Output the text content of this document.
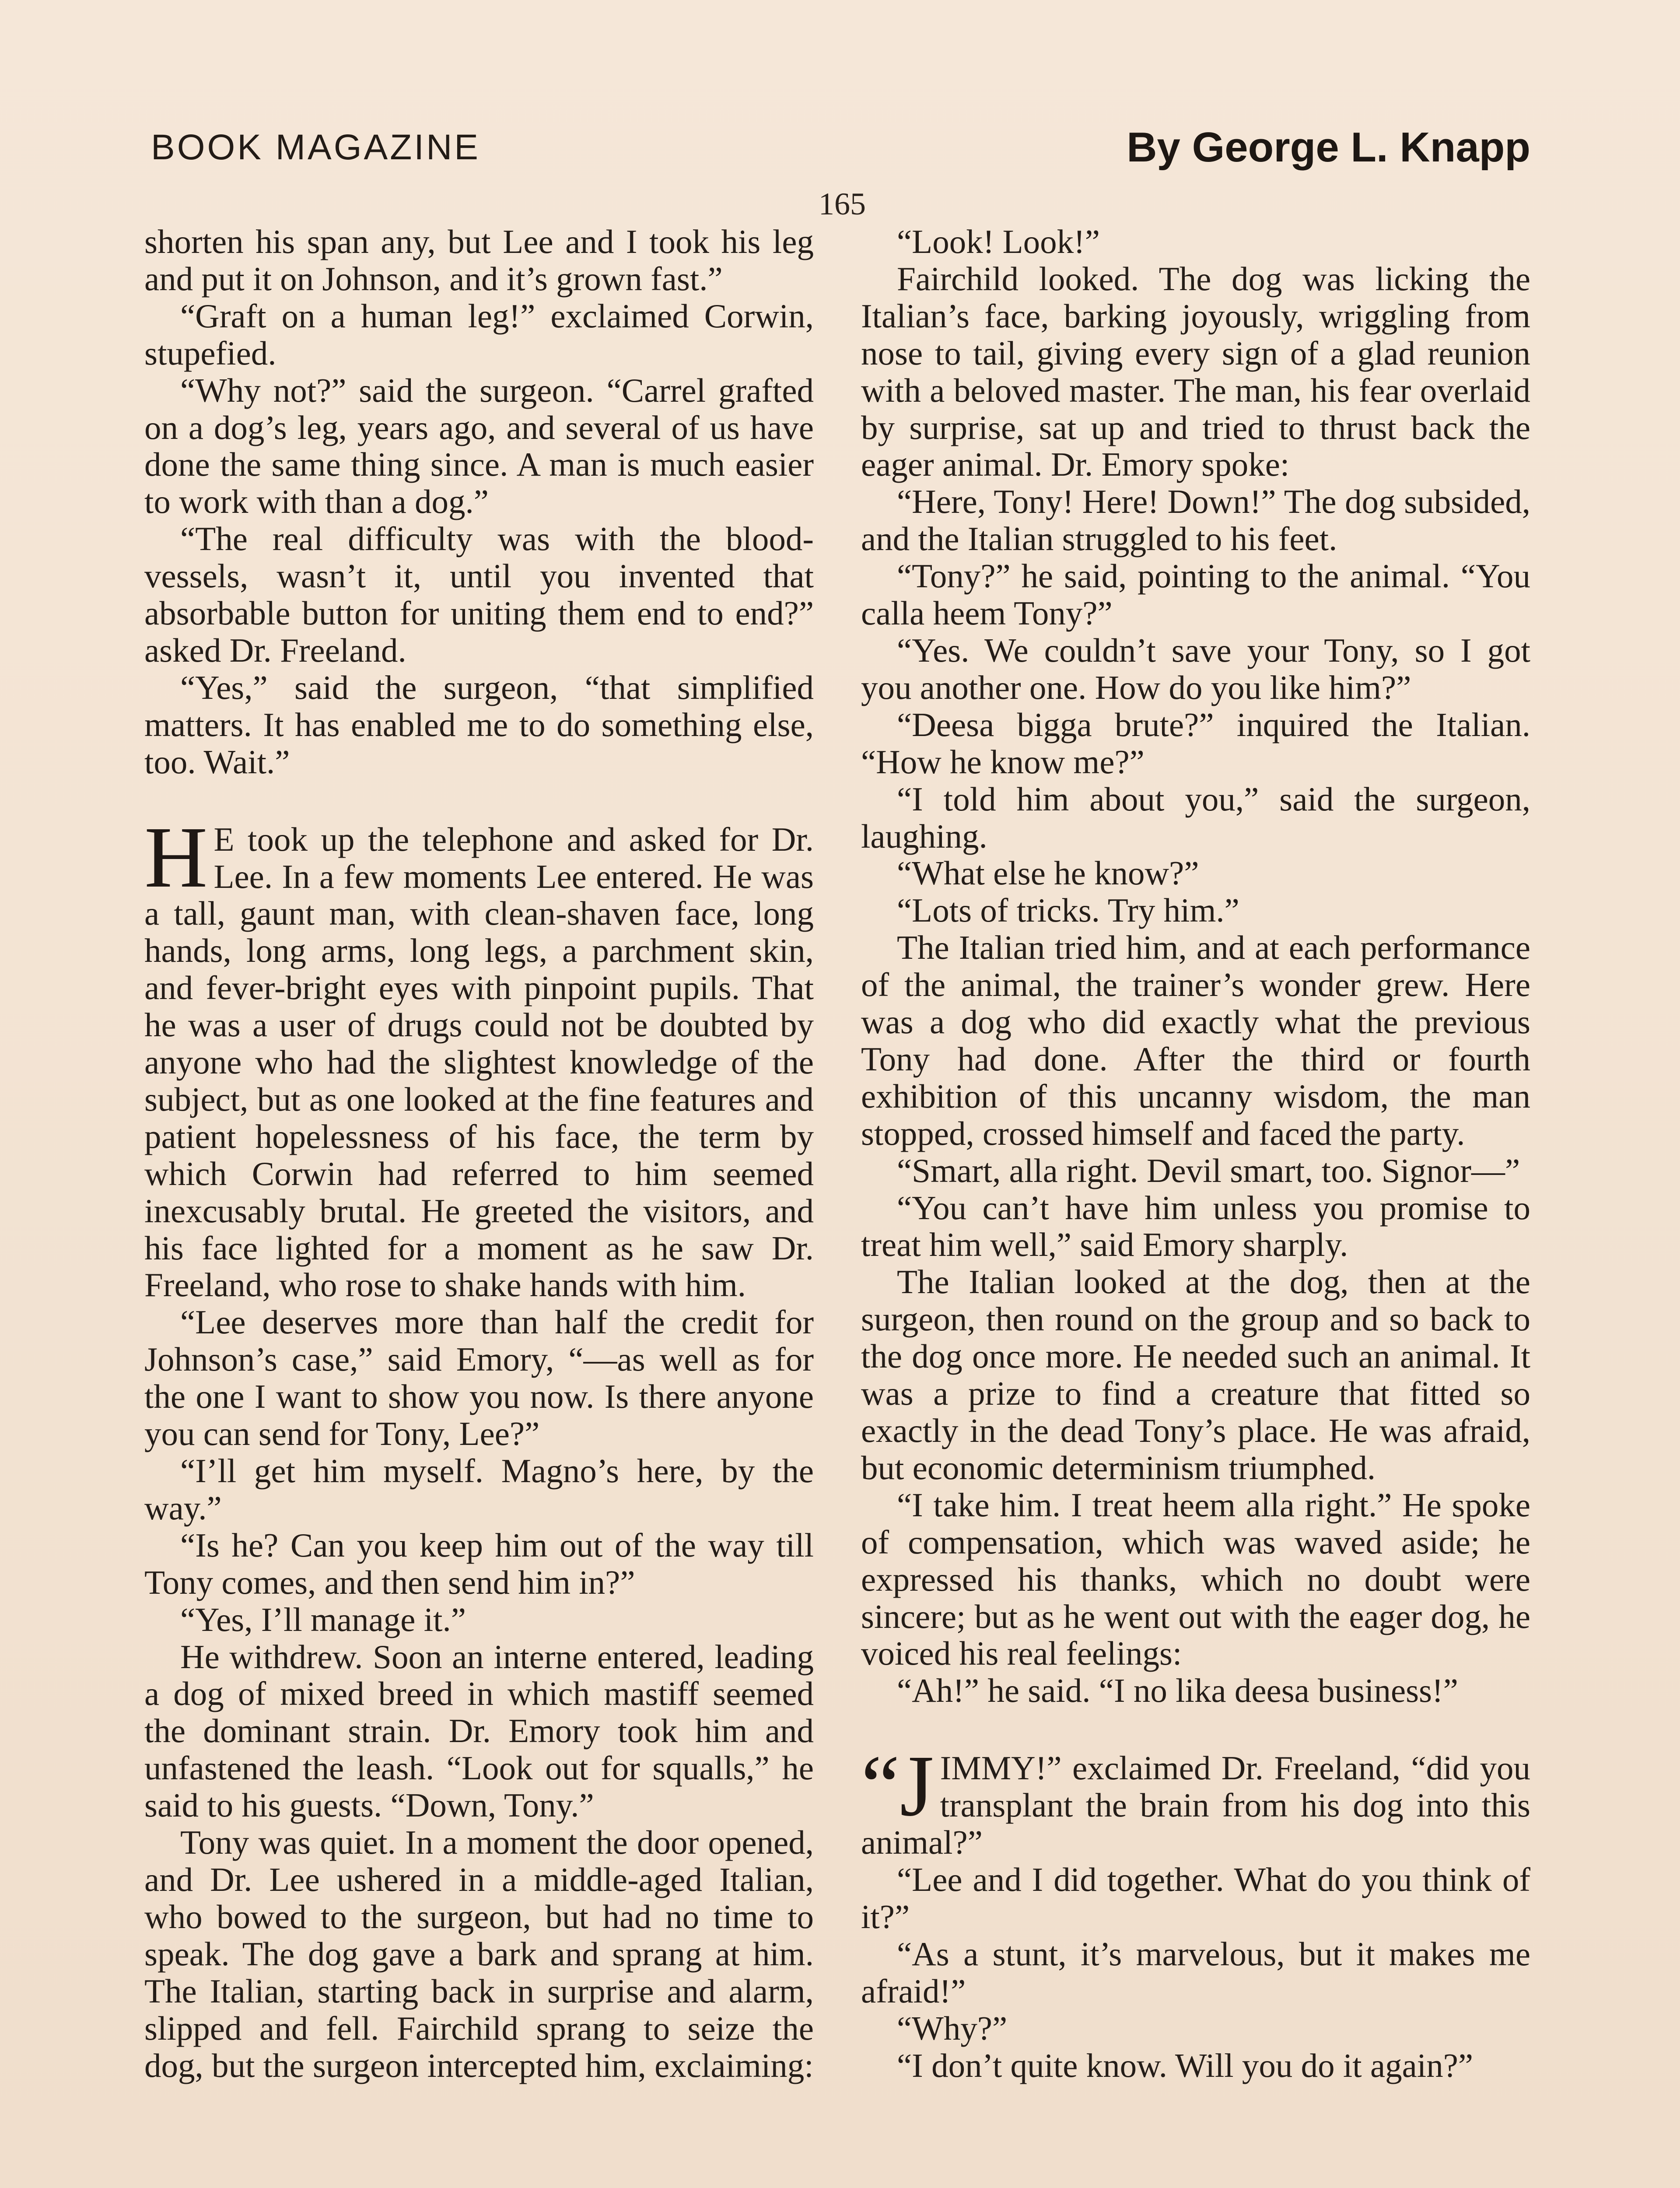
BOOK MAGAZINE	By George L. Knapp
165

shorten his span any, but Lee and I took his leg and put it on Johnson, and it’s grown fast.”

“Graft on a human leg!” exclaimed Corwin, stupefied.

“Why not?” said the surgeon. “Carrel grafted on a dog’s leg, years ago, and several of us have done the same thing since. A man is much easier to work with than a dog.”

“The real difficulty was with the blood-vessels, wasn’t it, until you invented that absorbable button for uniting them end to end?” asked Dr. Freeland.

“Yes,” said the surgeon, “that simplified matters. It has enabled me to do something else, too. Wait.”

H E took up the telephone and asked for Dr. Lee. In a few moments Lee entered. He was a tall, gaunt man, with clean-shaven face, long hands, long arms, long legs, a parchment skin, and fever-bright eyes with pinpoint pupils. That he was a user of drugs could not be doubted by anyone who had the slightest knowledge of the subject, but as one looked at the fine features and patient hopelessness of his face, the term by which Corwin had referred to him seemed inexcusably brutal. He greeted the visitors, and his face lighted for a moment as he saw Dr. Freeland, who rose to shake hands with him.

“Lee deserves more than half the credit for Johnson’s case,” said Emory, “—as well as for the one I want to show you now. Is there anyone you can send for Tony, Lee?”

“I’ll get him myself. Magno’s here, by the way.”

“Is he? Can you keep him out of the way till Tony comes, and then send him in?”

“Yes, I’ll manage it.”

He withdrew. Soon an interne entered, leading a dog of mixed breed in which mastiff seemed the dominant strain. Dr. Emory took him and unfastened the leash. “Look out for squalls,” he said to his guests. “Down, Tony.”

Tony was quiet. In a moment the door opened, and Dr. Lee ushered in a middle-aged Italian, who bowed to the surgeon, but had no time to speak. The dog gave a bark and sprang at him. The Italian, starting back in surprise and alarm, slipped and fell. Fairchild sprang to seize the dog, but the surgeon intercepted him, exclaiming:

“Look! Look!”

Fairchild looked. The dog was licking the Italian’s face, barking joyously, wriggling from nose to tail, giving every sign of a glad reunion with a beloved master. The man, his fear overlaid by surprise, sat up and tried to thrust back the eager animal. Dr. Emory spoke:

“Here, Tony! Here! Down!” The dog subsided, and the Italian struggled to his feet.

“Tony?” he said, pointing to the animal. “You calla heem Tony?”

“Yes. We couldn’t save your Tony, so I got you another one. How do you like him?”

“Deesa bigga brute?” inquired the Italian. “How he know me?”

“I told him about you,” said the surgeon, laughing.

“What else he know?”

“Lots of tricks. Try him.”

The Italian tried him, and at each performance of the animal, the trainer’s wonder grew. Here was a dog who did exactly what the previous Tony had done. After the third or fourth exhibition of this uncanny wisdom, the man stopped, crossed himself and faced the party.

“Smart, alla right. Devil smart, too. Signor—”

“You can’t have him unless you promise to treat him well,” said Emory sharply.

The Italian looked at the dog, then at the surgeon, then round on the group and so back to the dog once more. He needed such an animal. It was a prize to find a creature that fitted so exactly in the dead Tony’s place. He was afraid, but economic determinism triumphed.

“I take him. I treat heem alla right.” He spoke of compensation, which was waved aside; he expressed his thanks, which no doubt were sincere; but as he went out with the eager dog, he voiced his real feelings:

“Ah!” he said. “I no lika deesa business!”

“JIMMY!” exclaimed Dr. Freeland, “did you transplant the brain from his dog into this animal?”

“Lee and I did together. What do you think of it?”

“As a stunt, it’s marvelous, but it makes me afraid!”

“Why?”

“I don’t quite know. Will you do it again?”
